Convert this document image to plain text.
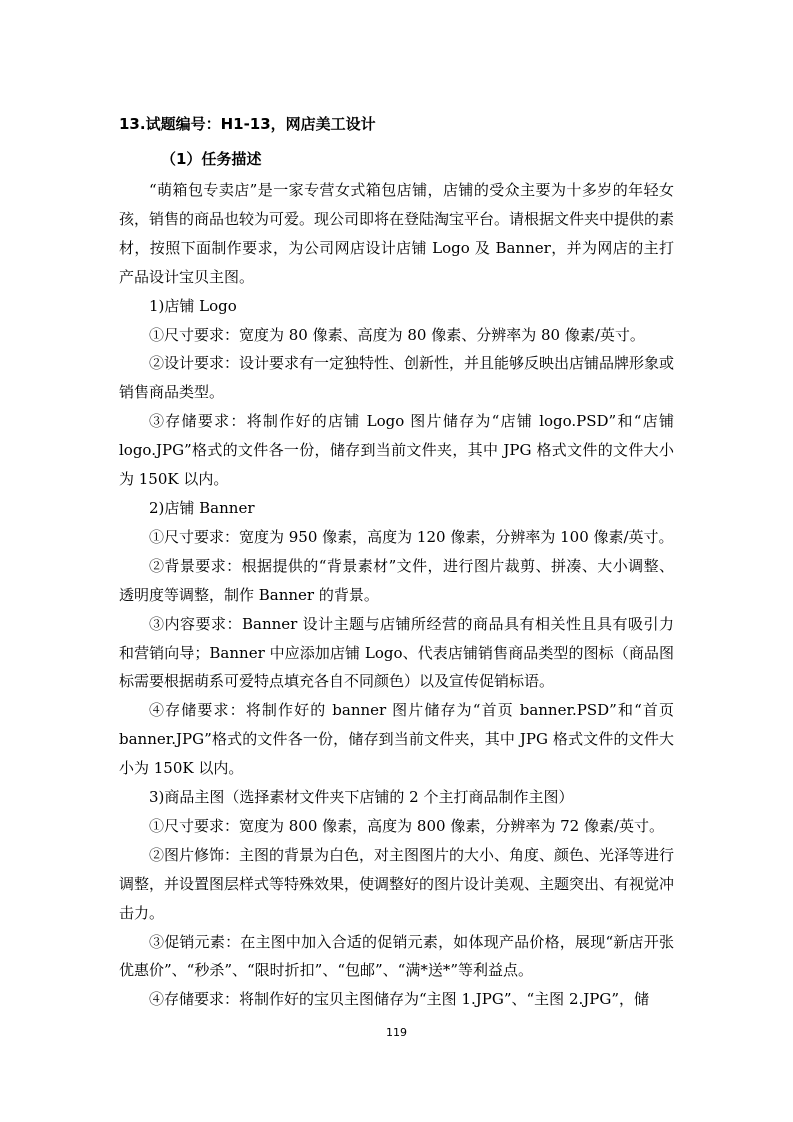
13.试题编号：H1-13，网店美工设计
（1）任务描述

“萌箱包专卖店”是一家专营女式箱包店铺，店铺的受众主要为十多岁的年轻女孩，销售的商品也较为可爱。现公司即将在登陆淘宝平台。请根据文件夹中提供的素材，按照下面制作要求，为公司网店设计店铺 Logo 及 Banner，并为网店的主打产品设计宝贝主图。

1)店铺 Logo

①尺寸要求：宽度为 80 像素、高度为 80 像素、分辨率为 80 像素/英寸。

②设计要求：设计要求有一定独特性、创新性，并且能够反映出店铺品牌形象或销售商品类型。

③存储要求：将制作好的店铺 Logo 图片储存为“店铺 logo.PSD”和“店铺 logo.JPG”格式的文件各一份，储存到当前文件夹，其中 JPG 格式文件的文件大小为 150K 以内。

2)店铺 Banner

①尺寸要求：宽度为 950 像素，高度为 120 像素，分辨率为 100 像素/英寸。

②背景要求：根据提供的“背景素材”文件，进行图片裁剪、拼凑、大小调整、透明度等调整，制作 Banner 的背景。

③内容要求：Banner 设计主题与店铺所经营的商品具有相关性且具有吸引力和营销向导；Banner 中应添加店铺 Logo、代表店铺销售商品类型的图标（商品图标需要根据萌系可爱特点填充各自不同颜色）以及宣传促销标语。

④存储要求：将制作好的 banner 图片储存为“首页 banner.PSD”和“首页 banner.JPG”格式的文件各一份，储存到当前文件夹，其中 JPG 格式文件的文件大小为 150K 以内。

3)商品主图（选择素材文件夹下店铺的 2 个主打商品制作主图）

①尺寸要求：宽度为 800 像素，高度为 800 像素，分辨率为 72 像素/英寸。

②图片修饰：主图的背景为白色，对主图图片的大小、角度、颜色、光泽等进行调整，并设置图层样式等特殊效果，使调整好的图片设计美观、主题突出、有视觉冲击力。

③促销元素：在主图中加入合适的促销元素，如体现产品价格，展现“新店开张优惠价”、“秒杀”、“限时折扣”、“包邮”、“满*送*”等利益点。

④存储要求：将制作好的宝贝主图储存为“主图 1.JPG”、“主图 2.JPG”，储

119
